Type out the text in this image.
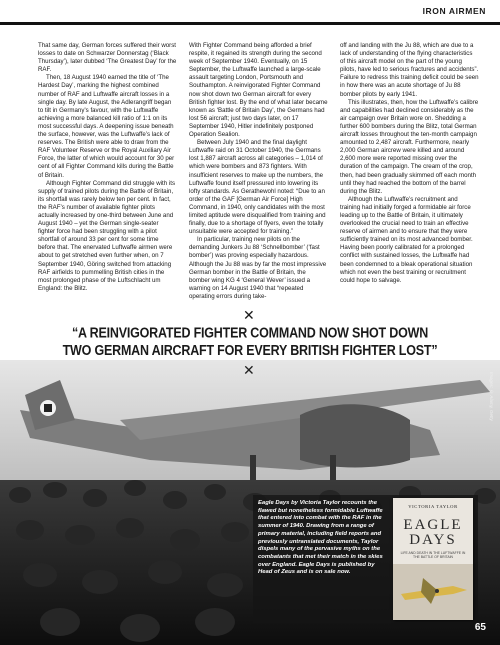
IRON AIRMEN

That same day, German forces suffered their worst losses to date on Schwarzer Donnerstag (‘Black Thursday’), later dubbed ‘The Greatest Day’ for the RAF.

Then, 18 August 1940 earned the title of ‘The Hardest Day’, marking the highest combined number of RAF and Luftwaffe aircraft losses in a single day. By late August, the Adlerangriff began to tilt in Germany’s favour, with the Luftwaffe achieving a more balanced kill ratio of 1:1 on its most successful days. A deepening issue beneath the surface, however, was the Luftwaffe’s lack of reserves. The British were able to draw from the RAF Volunteer Reserve or the Royal Auxiliary Air Force, the latter of which would account for 30 per cent of all Fighter Command kills during the Battle of Britain.

Although Fighter Command did struggle with its supply of trained pilots during the Battle of Britain, its shortfall was rarely below ten per cent. In fact, the RAF’s number of available fighter pilots actually increased by one-third between June and August 1940 – yet the German single-seater fighter force had been struggling with a pilot shortfall of around 33 per cent for some time before that. The enervated Luftwaffe airmen were about to get stretched even further when, on 7 September 1940, Göring switched from attacking RAF airfields to pummelling British cities in the most prolonged phase of the Luftschlacht um England: the Blitz.

With Fighter Command being afforded a brief respite, it regained its strength during the second week of September 1940. Eventually, on 15 September, the Luftwaffe launched a large-scale assault targeting London, Portsmouth and Southampton. A reinvigorated Fighter Command now shot down two German aircraft for every British fighter lost. By the end of what later became known as ‘Battle of Britain Day’, the Germans had lost 56 aircraft; just two days later, on 17 September 1940, Hitler indefinitely postponed Operation Sealion.

Between July 1940 and the final daylight Luftwaffe raid on 31 October 1940, the Germans lost 1,887 aircraft across all categories – 1,014 of which were bombers and 873 fighters. With insufficient reserves to make up the numbers, the Luftwaffe found itself pressured into lowering its lofty standards. As Gerathewohl noted: “Due to an order of the GAF [German Air Force] High Command, in 1940, only candidates with the most limited aptitude were disqualified from training and finally, due to a shortage of flyers, even the totally unsuitable were accepted for training.”

In particular, training new pilots on the demanding Junkers Ju 88 ‘Schnellbomber’ (‘fast bomber’) was proving especially hazardous. Although the Ju 88 was by far the most impressive German bomber in the Battle of Britain, the bomber wing KG 4 ‘General Wever’ issued a warning on 14 August 1940 that “repeated operating errors during take-

off and landing with the Ju 88, which are due to a lack of understanding of the flying characteristics of this aircraft model on the part of the young pilots, have led to serious fractures and accidents”. Failure to redress this training deficit could be seen in how there was an acute shortage of Ju 88 bomber pilots by early 1941.

This illustrates, then, how the Luftwaffe’s calibre and capabilities had declined considerably as the air campaign over Britain wore on. Shedding a further 600 bombers during the Blitz, total German aircraft losses throughout the ten-month campaign amounted to 2,487 aircraft. Furthermore, nearly 2,000 German aircrew were killed and around 2,600 more were reported missing over the duration of the campaign. The cream of the crop, then, had been gradually skimmed off each month until they had reached the bottom of the barrel during the Blitz.

Although the Luftwaffe’s recruitment and training had initially forged a formidable air force leading up to the Battle of Britain, it ultimately overlooked the crucial need to train an effective reserve of airmen and to ensure that they were sufficiently trained on its most advanced bomber. Having been poorly calibrated for a prolonged conflict with sustained losses, the Luftwaffe had been condemned to a bleak operational situation which not even the best training or recruitment could hope to salvage.

✕
“A REINVIGORATED FIGHTER COMMAND NOW SHOT DOWN
TWO GERMAN AIRCRAFT FOR EVERY BRITISH FIGHTER LOST”
✕
Images: © Alamy, Getty
Eagle Days by Victoria Taylor recounts the flawed but nonetheless formidable Luftwaffe that entered into combat with the RAF in the summer of 1940. Drawing from a range of primary material, including field reports and previously untranslated documents, Taylor dispels many of the pervasive myths on the combatants that met their match in the skies over England. Eagle Days is published by Head of Zeus and is on sale now.
VICTORIA TAYLOR
EAGLE
DAYS
LIFE AND DEATH IN THE LUFTWAFFE IN THE BATTLE OF BRITAIN
65
